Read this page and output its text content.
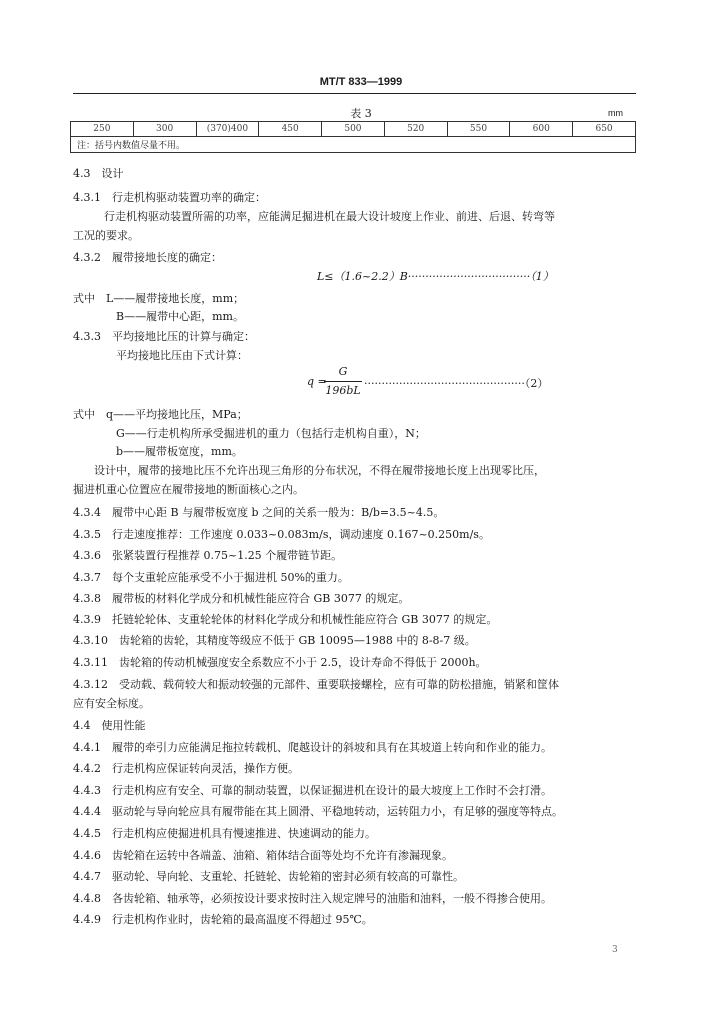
MT/T 833—1999
表 3	mm
250	300	(370)400	450	500	520	550	600	650
注：括号内数值尽量不用。
4.3　设计
4.3.1　行走机构驱动装置功率的确定：
行走机构驱动装置所需的功率，应能满足掘进机在最大设计坡度上作业、前进、后退、转弯等
工况的要求。
4.3.2　履带接地长度的确定：
L≤（1.6~2.2）B···································（1）
式中　L——履带接地长度，mm；
B——履带中心距，mm。
4.3.3　平均接地比压的计算与确定：
平均接地比压由下式计算：
q =
G
196bL
··············································（2）
式中　q——平均接地比压，MPa；
G——行走机构所承受掘进机的重力（包括行走机构自重），N；
b——履带板宽度，mm。
设计中，履带的接地比压不允许出现三角形的分布状况，不得在履带接地长度上出现零比压，
掘进机重心位置应在履带接地的断面核心之内。
4.3.4　履带中心距 B 与履带板宽度 b 之间的关系一般为：B/b=3.5~4.5。
4.3.5　行走速度推荐：工作速度 0.033~0.083m/s，调动速度 0.167~0.250m/s。
4.3.6　张紧装置行程推荐 0.75~1.25 个履带链节距。
4.3.7　每个支重轮应能承受不小于掘进机 50%的重力。
4.3.8　履带板的材料化学成分和机械性能应符合 GB 3077 的规定。
4.3.9　托链轮轮体、支重轮轮体的材料化学成分和机械性能应符合 GB 3077 的规定。
4.3.10　齿轮箱的齿轮，其精度等级应不低于 GB 10095—1988 中的 8-8-7 级。
4.3.11　齿轮箱的传动机械强度安全系数应不小于 2.5，设计寿命不得低于 2000h。
4.3.12　受动载、载荷较大和振动较强的元部件、重要联接螺栓，应有可靠的防松措施，销紧和筐体
应有安全标度。
4.4　使用性能
4.4.1　履带的牵引力应能满足拖拉转载机、爬越设计的斜坡和具有在其坡道上转向和作业的能力。
4.4.2　行走机构应保证转向灵活，操作方便。
4.4.3　行走机构应有安全、可靠的制动装置，以保证掘进机在设计的最大坡度上工作时不会打滑。
4.4.4　驱动轮与导向轮应具有履带能在其上圆滑、平稳地转动，运转阻力小，有足够的强度等特点。
4.4.5　行走机构应使掘进机具有慢速推进、快速调动的能力。
4.4.6　齿轮箱在运转中各端盖、油箱、箱体结合面等处均不允许有渗漏现象。
4.4.7　驱动轮、导向轮、支重轮、托链轮、齿轮箱的密封必须有较高的可靠性。
4.4.8　各齿轮箱、轴承等，必须按设计要求按时注入规定牌号的油脂和油料，一般不得掺合使用。
4.4.9　行走机构作业时，齿轮箱的最高温度不得超过 95℃。
3
